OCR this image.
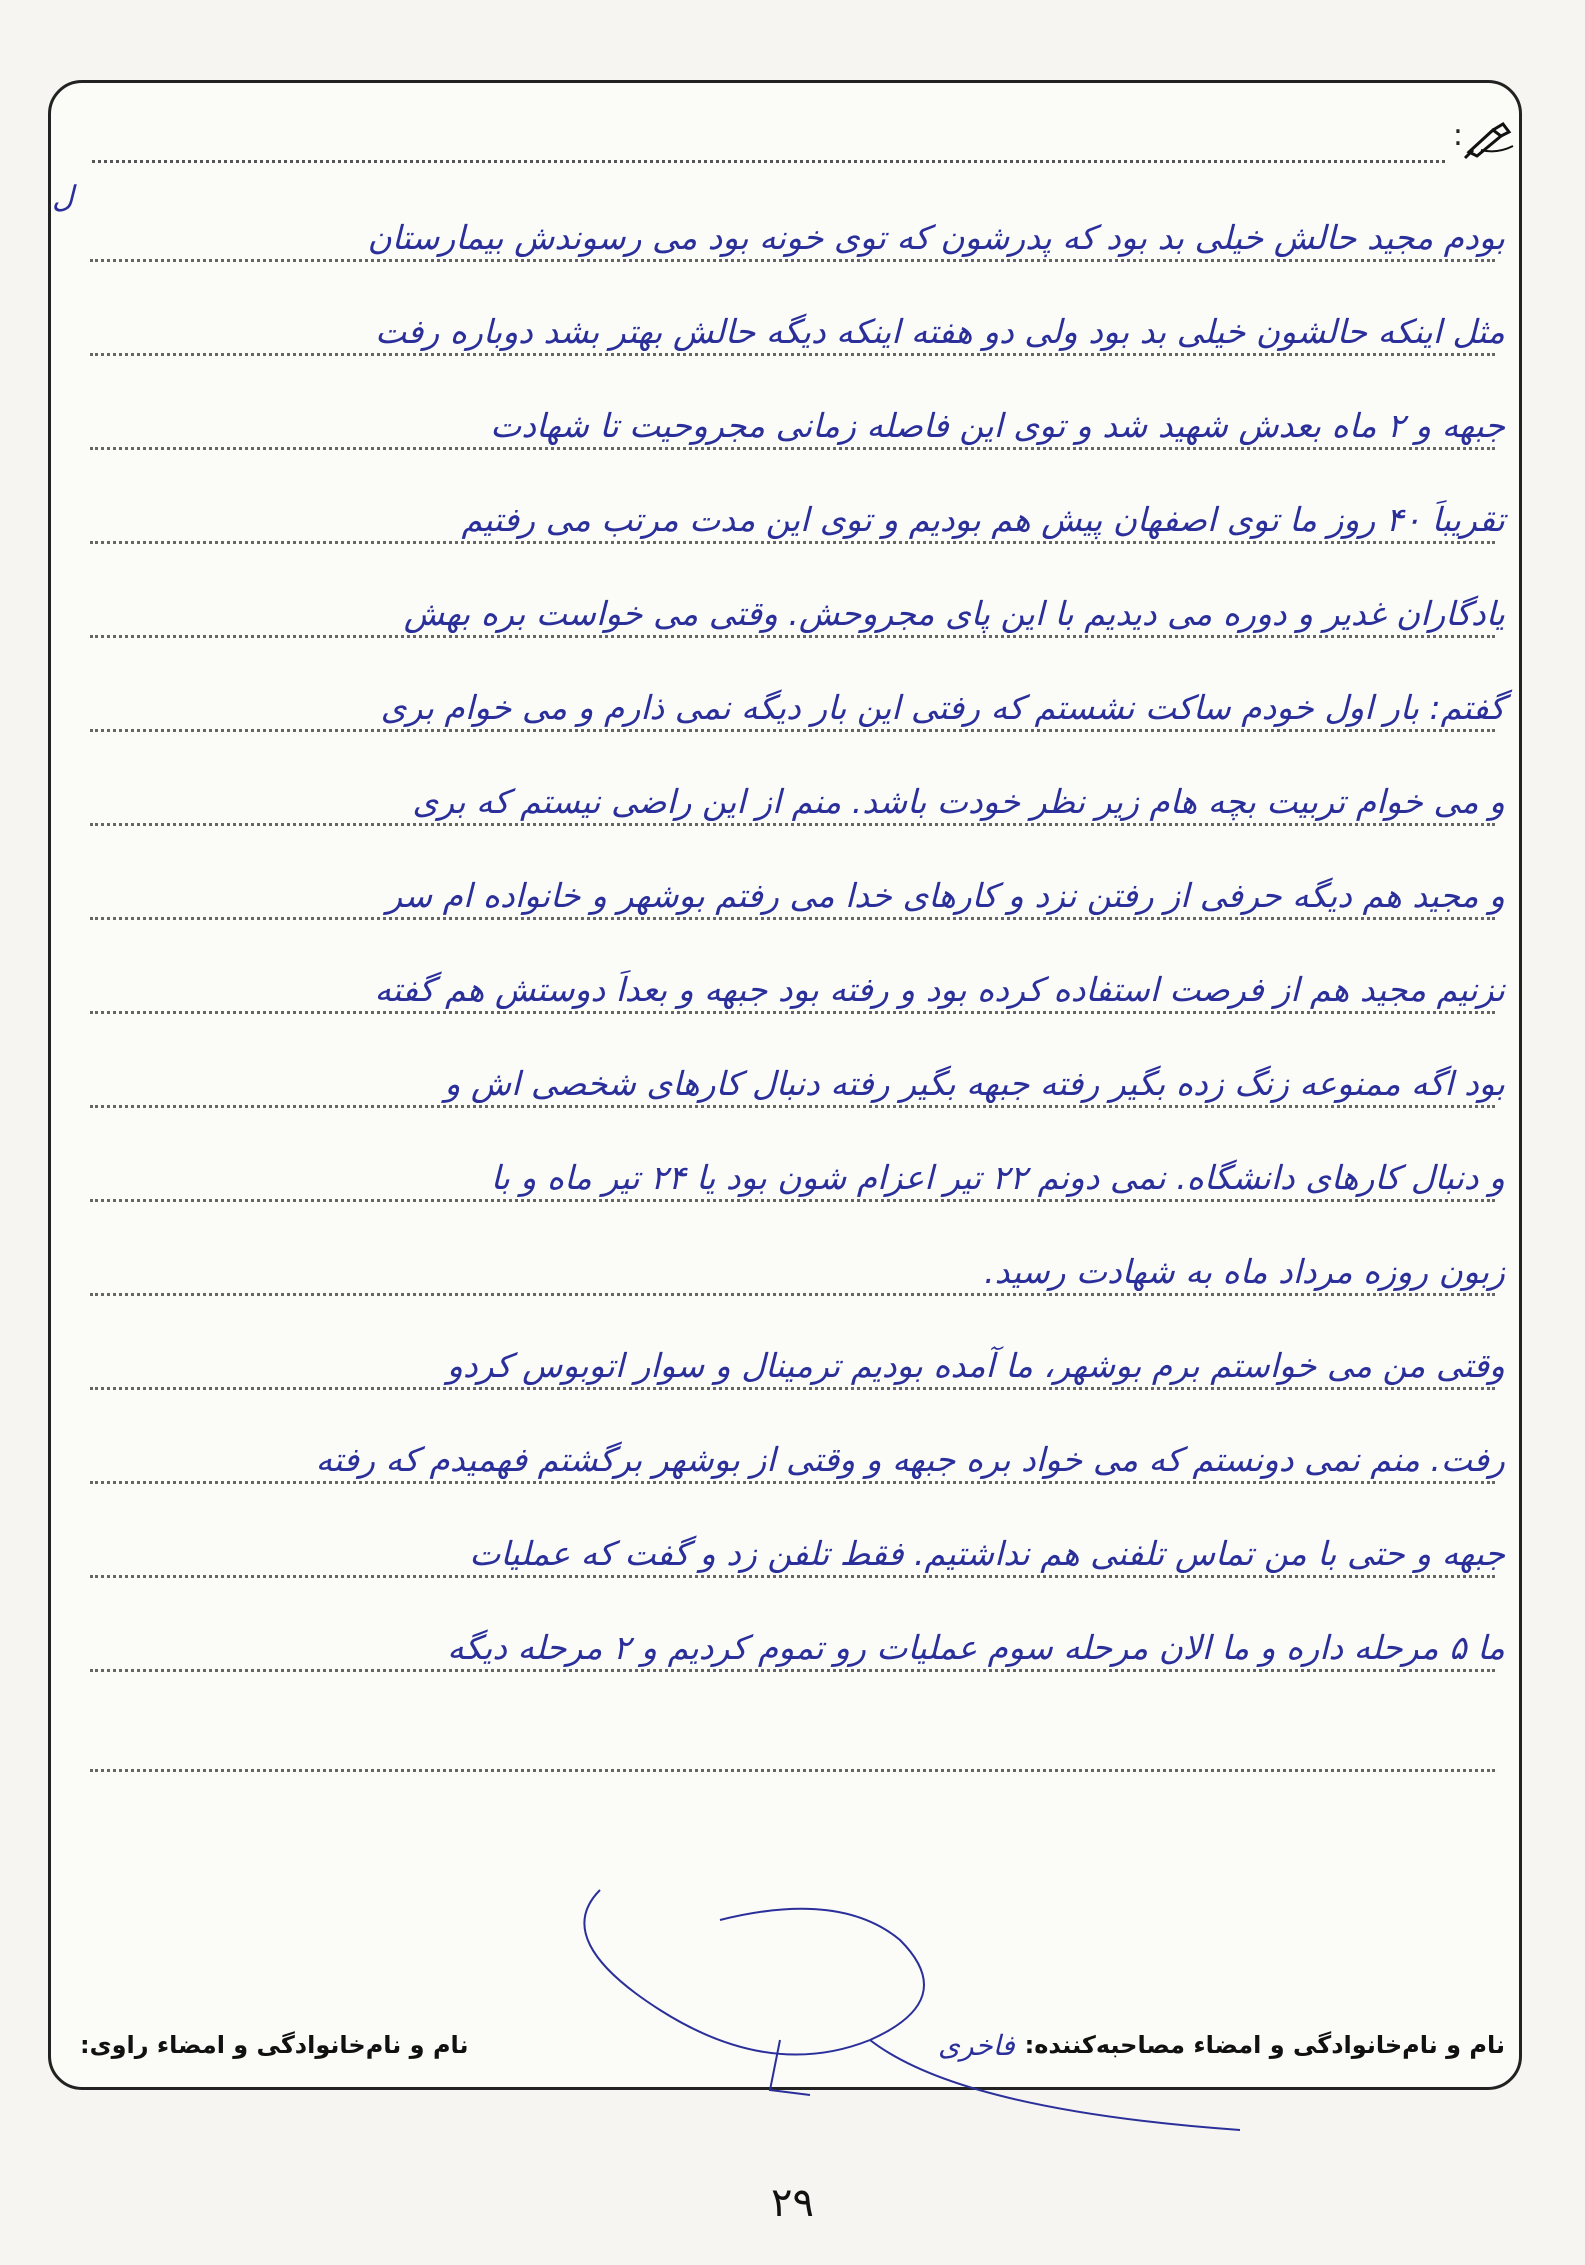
:
ل
بودم مجید حالش خیلی بد بود که پدرشون که توی خونه بود می رسوندش بیمارستان
مثل اینکه حالشون خیلی بد بود ولی دو هفته اینکه دیگه حالش بهتر بشد دوباره رفت
جبهه و ۲ ماه بعدش شهید شد و توی این فاصله زمانی مجروحیت تا شهادت
تقریباً ۴۰ روز ما توی اصفهان پیش هم بودیم و توی این مدت مرتب می رفتیم
یادگاران غدیر و دوره می دیدیم با این پای مجروحش. وقتی می خواست بره بهش
گفتم: بار اول خودم ساکت نشستم که رفتی این بار دیگه نمی ذارم و می خوام بری
و می خوام تربیت بچه هام زیر نظر خودت باشد. منم از این راضی نیستم که بری
و مجید هم دیگه حرفی از رفتن نزد و کارهای خدا می رفتم بوشهر و خانواده ام سر
نزنیم مجید هم از فرصت استفاده کرده بود و رفته بود جبهه و بعداً دوستش هم گفته
بود اگه ممنوعه زنگ زده بگیر رفته جبهه بگیر رفته دنبال کارهای شخصی اش و
و دنبال کارهای دانشگاه. نمی دونم ۲۲ تیر اعزام شون بود یا ۲۴ تیر ماه و با
زبون روزه مرداد ماه به شهادت رسید.
وقتی من می خواستم برم بوشهر، ما آمده بودیم ترمینال و سوار اتوبوس کردو
رفت. منم نمی دونستم که می خواد بره جبهه و وقتی از بوشهر برگشتم فهمیدم که رفته
جبهه و حتی با من تماس تلفنی هم نداشتیم. فقط تلفن زد و گفت که عملیات
ما ۵ مرحله داره و ما الان مرحله سوم عملیات رو تموم کردیم و ۲ مرحله دیگه
نام و نام‌خانوادگی و امضاء مصاحبه‌کننده:
فاخری
نام و نام‌خانوادگی و امضاء راوی:
۲۹
